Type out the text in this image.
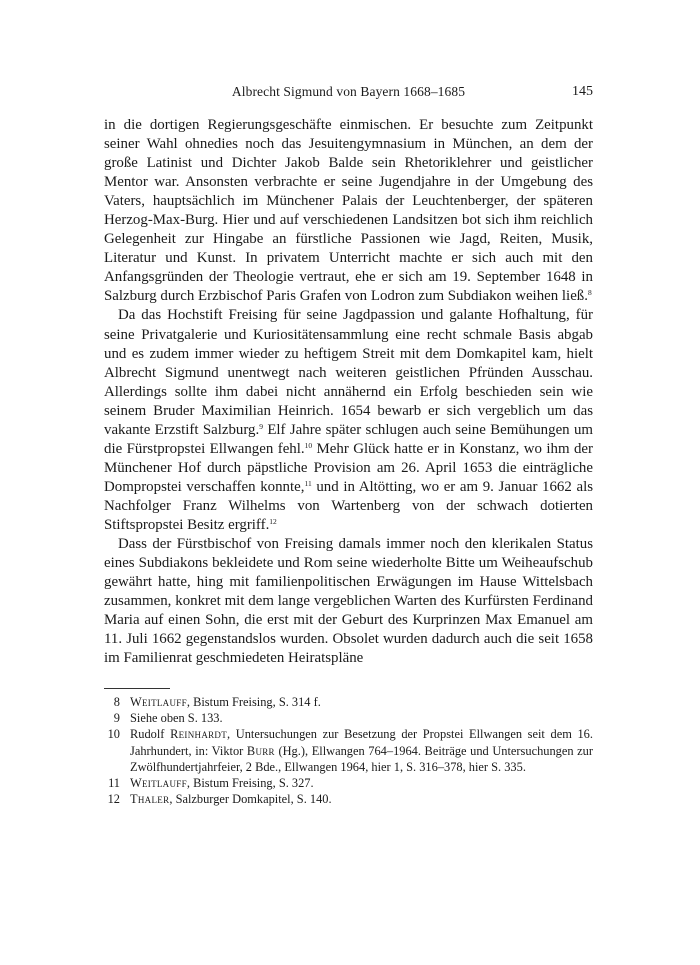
Albrecht Sigmund von Bayern 1668–1685	145

in die dortigen Regierungsgeschäfte einmischen. Er besuchte zum Zeitpunkt seiner Wahl ohnedies noch das Jesuitengymnasium in München, an dem der große Latinist und Dichter Jakob Balde sein Rhetoriklehrer und geistlicher Mentor war. Ansonsten verbrachte er seine Jugendjahre in der Umgebung des Vaters, hauptsächlich im Münchener Palais der Leuchtenberger, der späteren Herzog-Max-Burg. Hier und auf verschiedenen Landsitzen bot sich ihm reichlich Gelegenheit zur Hingabe an fürstliche Passionen wie Jagd, Reiten, Musik, Literatur und Kunst. In privatem Unterricht machte er sich auch mit den Anfangsgründen der Theologie vertraut, ehe er sich am 19. September 1648 in Salzburg durch Erzbischof Paris Grafen von Lodron zum Subdiakon weihen ließ.$^8$

Da das Hochstift Freising für seine Jagdpassion und galante Hofhaltung, für seine Privatgalerie und Kuriositätensammlung eine recht schmale Basis abgab und es zudem immer wieder zu heftigem Streit mit dem Domkapitel kam, hielt Albrecht Sigmund unentwegt nach weiteren geistlichen Pfründen Ausschau. Allerdings sollte ihm dabei nicht annähernd ein Erfolg beschieden sein wie seinem Bruder Maximilian Heinrich. 1654 bewarb er sich vergeblich um das vakante Erzstift Salzburg.$^9$ Elf Jahre später schlugen auch seine Bemühungen um die Fürstpropstei Ellwangen fehl.$^{10}$ Mehr Glück hatte er in Konstanz, wo ihm der Münchener Hof durch päpstliche Provision am 26. April 1653 die einträgliche Dompropstei verschaffen konnte,$^{11}$ und in Altötting, wo er am 9. Januar 1662 als Nachfolger Franz Wilhelms von Wartenberg von der schwach dotierten Stiftspropstei Besitz ergriff.$^{12}$

Dass der Fürstbischof von Freising damals immer noch den klerikalen Status eines Subdiakons bekleidete und Rom seine wiederholte Bitte um Weiheaufschub gewährt hatte, hing mit familienpolitischen Erwägungen im Hause Wittelsbach zusammen, konkret mit dem lange vergeblichen Warten des Kurfürsten Ferdinand Maria auf einen Sohn, die erst mit der Geburt des Kurprinzen Max Emanuel am 11. Juli 1662 gegenstandslos wurden. Obsolet wurden dadurch auch die seit 1658 im Familienrat geschmiedeten Heiratspläne

8 Weitlauff, Bistum Freising, S. 314 f.
9 Siehe oben S. 133.
10 Rudolf Reinhardt, Untersuchungen zur Besetzung der Propstei Ellwangen seit dem 16. Jahrhundert, in: Viktor Burr (Hg.), Ellwangen 764–1964. Beiträge und Untersuchungen zur Zwölfhundertjahrfeier, 2 Bde., Ellwangen 1964, hier 1, S. 316–378, hier S. 335.
11 Weitlauff, Bistum Freising, S. 327.
12 Thaler, Salzburger Domkapitel, S. 140.
